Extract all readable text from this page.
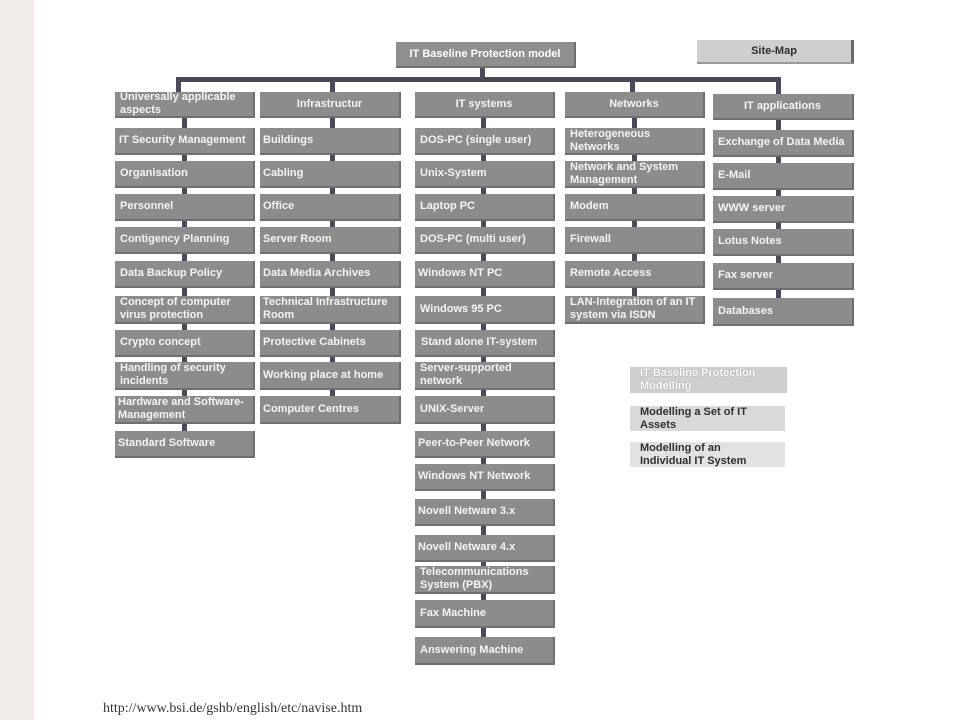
IT Baseline Protection model	Site-Map
Universally applicable aspects
IT Security Management
Organisation
Personnel
Contigency Planning
Data Backup Policy
Concept of computer virus protection
Crypto concept
Handling of security incidents
Hardware and Software-Management
Standard Software
Infrastructur
Buildings
Cabling
Office
Server Room
Data Media Archives
Technical Infrastructure Room
Protective Cabinets
Working place at home
Computer Centres
IT systems
DOS-PC (single user)
Unix-System
Laptop PC
DOS-PC (multi user)
Windows NT PC
Windows 95 PC
Stand alone IT-system
Server-supported network
UNIX-Server
Peer-to-Peer Network
Windows NT Network
Novell Netware 3.x
Novell Netware 4.x
Telecommunications System (PBX)
Fax Machine
Answering Machine
Networks
Heterogeneous Networks
Network and System Management
Modem
Firewall
Remote Access
LAN-Integration of an IT system via ISDN
IT applications
Exchange of Data Media
E-Mail
WWW server
Lotus Notes
Fax server
Databases
IT Baseline Protection Modelling
Modelling a Set of IT Assets
Modelling of an Individual IT System
http://www.bsi.de/gshb/english/etc/navise.htm
